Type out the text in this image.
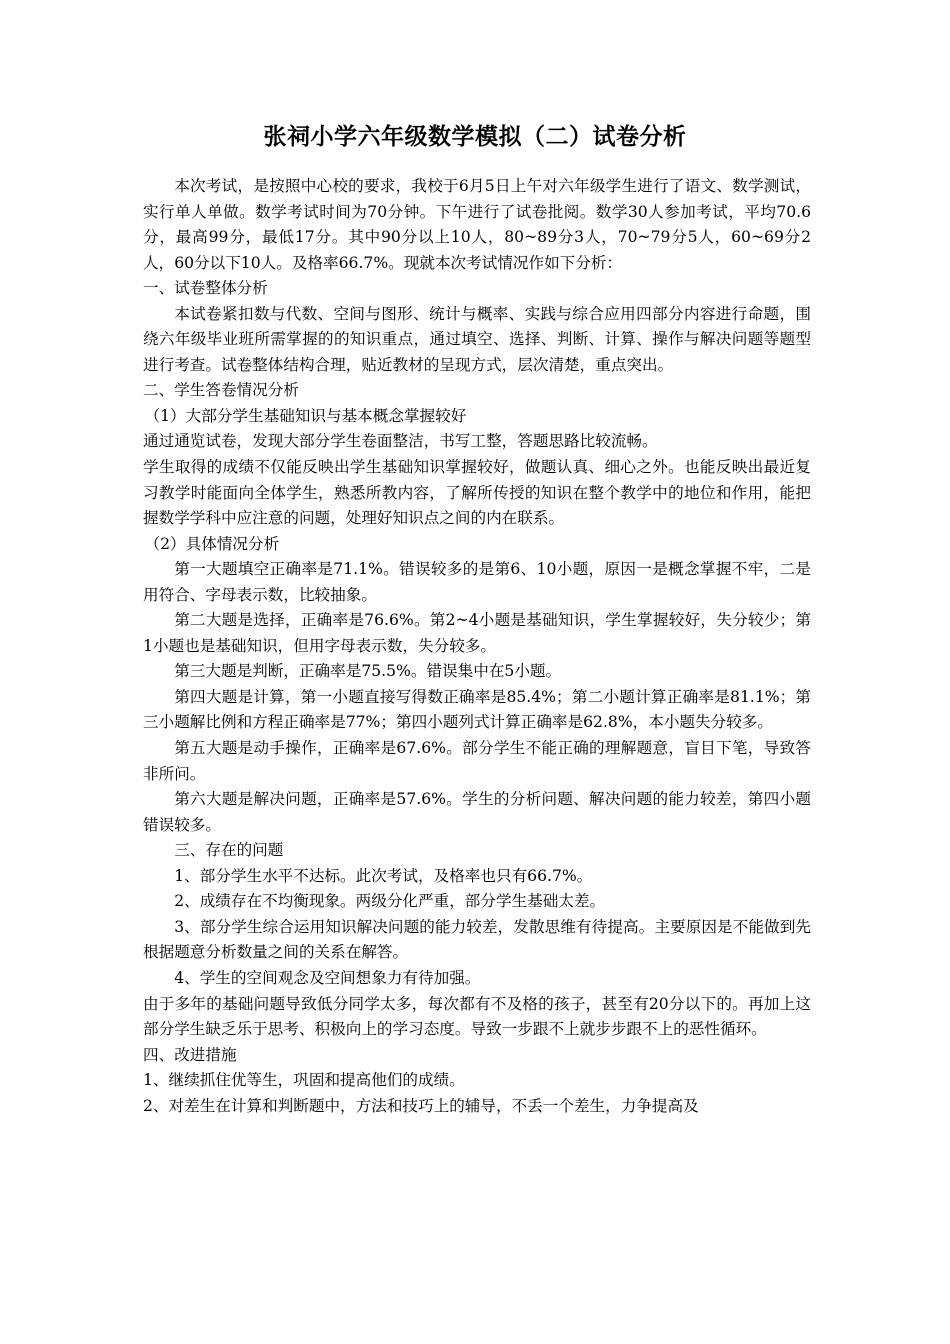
张祠小学六年级数学模拟（二）试卷分析

本次考试，是按照中心校的要求，我校于6月5日上午对六年级学生进行了语文、数学测试，实行单人单做。数学考试时间为70分钟。下午进行了试卷批阅。数学30人参加考试，平均70.6分，最高99分，最低17分。其中90分以上10人，80~89分3人，70~79分5人，60~69分2人，60分以下10人。及格率66.7%。现就本次考试情况作如下分析：

一、试卷整体分析

本试卷紧扣数与代数、空间与图形、统计与概率、实践与综合应用四部分内容进行命题，围绕六年级毕业班所需掌握的的知识重点，通过填空、选择、判断、计算、操作与解决问题等题型进行考查。试卷整体结构合理，贴近教材的呈现方式，层次清楚，重点突出。

二、学生答卷情况分析

（1）大部分学生基础知识与基本概念掌握较好

通过通览试卷，发现大部分学生卷面整洁，书写工整，答题思路比较流畅。

学生取得的成绩不仅能反映出学生基础知识掌握较好，做题认真、细心之外。也能反映出最近复习教学时能面向全体学生，熟悉所教内容，了解所传授的知识在整个教学中的地位和作用，能把握数学学科中应注意的问题，处理好知识点之间的内在联系。

（2）具体情况分析

第一大题填空正确率是71.1%。错误较多的是第6、10小题，原因一是概念掌握不牢，二是用符合、字母表示数，比较抽象。

第二大题是选择，正确率是76.6%。第2~4小题是基础知识，学生掌握较好，失分较少；第1小题也是基础知识，但用字母表示数，失分较多。

第三大题是判断，正确率是75.5%。错误集中在5小题。

第四大题是计算，第一小题直接写得数正确率是85.4%；第二小题计算正确率是81.1%；第三小题解比例和方程正确率是77%；第四小题列式计算正确率是62.8%，本小题失分较多。

第五大题是动手操作，正确率是67.6%。部分学生不能正确的理解题意，盲目下笔，导致答非所问。

第六大题是解决问题，正确率是57.6%。学生的分析问题、解决问题的能力较差，第四小题错误较多。

三、存在的问题

1、部分学生水平不达标。此次考试，及格率也只有66.7%。

2、成绩存在不均衡现象。两级分化严重，部分学生基础太差。

3、部分学生综合运用知识解决问题的能力较差，发散思维有待提高。主要原因是不能做到先根据题意分析数量之间的关系在解答。

4、学生的空间观念及空间想象力有待加强。

由于多年的基础问题导致低分同学太多，每次都有不及格的孩子，甚至有20分以下的。再加上这部分学生缺乏乐于思考、积极向上的学习态度。导致一步跟不上就步步跟不上的恶性循环。

四、改进措施

1、继续抓住优等生，巩固和提高他们的成绩。

2、对差生在计算和判断题中，方法和技巧上的辅导，不丢一个差生，力争提高及
